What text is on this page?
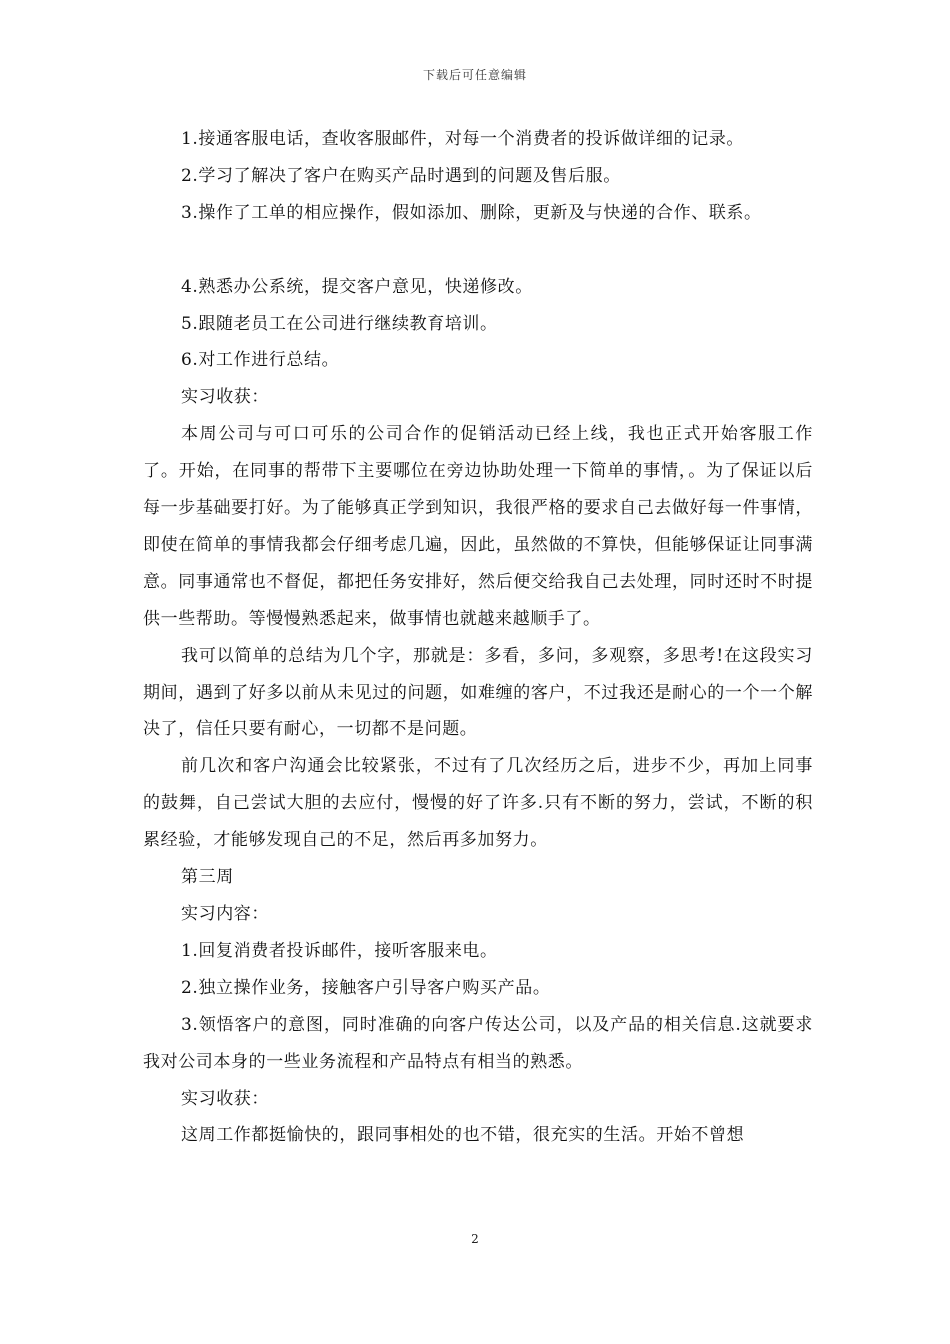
下载后可任意编辑

1.接通客服电话，查收客服邮件，对每一个消费者的投诉做详细的记录。

2.学习了解决了客户在购买产品时遇到的问题及售后服。

3.操作了工单的相应操作，假如添加、删除，更新及与快递的合作、联系。

4.熟悉办公系统，提交客户意见，快递修改。

5.跟随老员工在公司进行继续教育培训。

6.对工作进行总结。

实习收获：

本周公司与可口可乐的公司合作的促销活动已经上线，我也正式开始客服工作了。开始，在同事的帮带下主要哪位在旁边协助处理一下简单的事情，。为了保证以后每一步基础要打好。为了能够真正学到知识，我很严格的要求自己去做好每一件事情，即使在简单的事情我都会仔细考虑几遍，因此，虽然做的不算快，但能够保证让同事满意。同事通常也不督促，都把任务安排好，然后便交给我自己去处理，同时还时不时提供一些帮助。等慢慢熟悉起来，做事情也就越来越顺手了。

我可以简单的总结为几个字，那就是：多看，多问，多观察，多思考!在这段实习期间，遇到了好多以前从未见过的问题，如难缠的客户，不过我还是耐心的一个一个解决了，信任只要有耐心，一切都不是问题。

前几次和客户沟通会比较紧张，不过有了几次经历之后，进步不少，再加上同事的鼓舞，自己尝试大胆的去应付，慢慢的好了许多.只有不断的努力，尝试，不断的积累经验，才能够发现自己的不足，然后再多加努力。

第三周

实习内容：

1.回复消费者投诉邮件，接听客服来电。

2.独立操作业务，接触客户引导客户购买产品。

3.领悟客户的意图，同时准确的向客户传达公司，以及产品的相关信息.这就要求我对公司本身的一些业务流程和产品特点有相当的熟悉。

实习收获：

这周工作都挺愉快的，跟同事相处的也不错，很充实的生活。开始不曾想

2
